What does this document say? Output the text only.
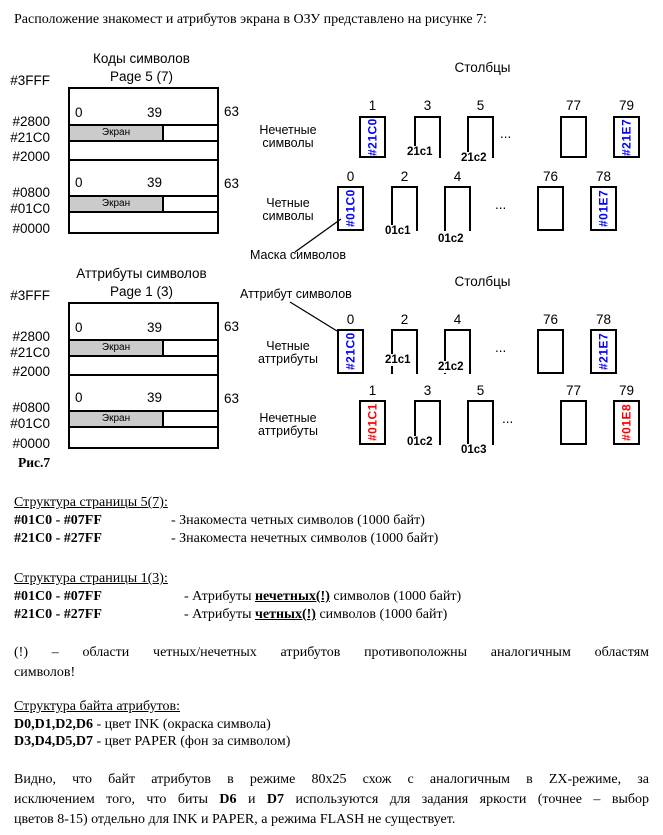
Расположение знакомест и атрибутов экрана в ОЗУ представлено на рисунке 7:
Коды символов
Page 5 (7)
#3FFF
#2800
#21C0
#2000
#0800
#01C0
#0000
Экран
Экран
0	39
0	39
63
63
Столбцы
Нечетные
символы
1	3	5	77	79
#21C0	#21E7
...
21c1 21c2
Четные
символы
0	2	4	76	78
#01C0	#01E7
...
01c1
01c2
Маска символов
Аттрибуты символов
Page 1 (3)
#3FFF
#2800
#21C0
#2000
#0800
#01C0
#0000
Экран
Экран
0	39
0	39
63
63
Рис.7
Столбцы
Аттрибут символов
Четные
аттрибуты
0	2	4	76	78
#21C0	#21E7
...
21c1
21c2
Нечетные
аттрибуты
1	3	5	77	79
#01C1	#01E8
...
01c2
01c3
Структура страницы 5(7):
#01C0 - #07FF	- Знакоместа четных символов (1000 байт)
#21C0 - #27FF	- Знакоместа нечетных символов (1000 байт)
Структура страницы 1(3):
#01C0 - #07FF	- Атрибуты нечетных(!) символов (1000 байт)
#21C0 - #27FF	- Атрибуты четных(!) символов (1000 байт)
(!) – области четных/нечетных атрибутов противоположны аналогичным областям
символов!
Структура байта атрибутов:
D0,D1,D2,D6 - цвет INK (окраска символа)
D3,D4,D5,D7 - цвет PAPER (фон за символом)
Видно, что байт атрибутов в режиме 80x25 схож с аналогичным в ZX-режиме, за
исключением того, что биты D6 и D7 используются для задания яркости (точнее – выбор
цветов 8-15) отдельно для INK и PAPER, а режима FLASH не существует.
